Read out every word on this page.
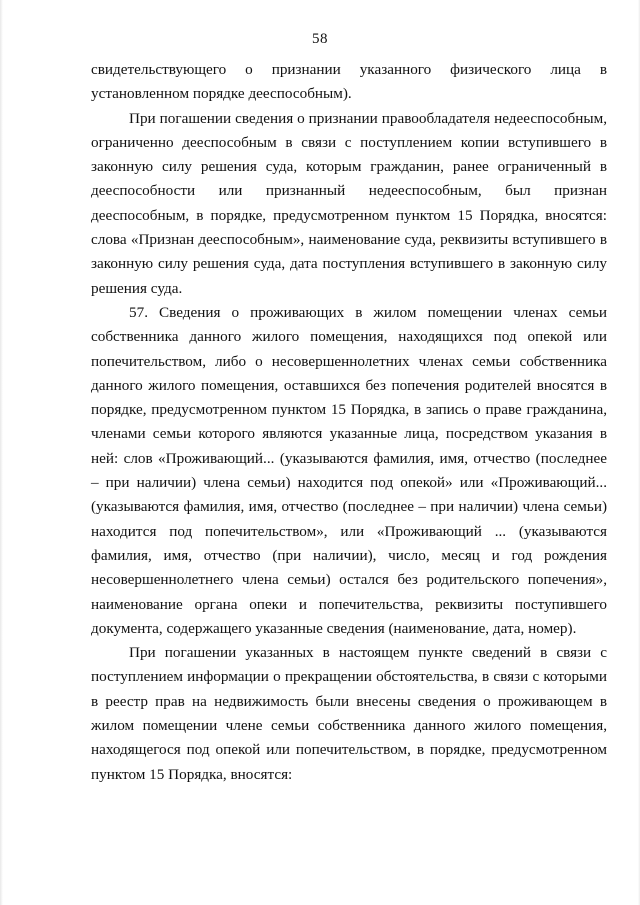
58

свидетельствующего о признании указанного физического лица в установленном порядке дееспособным).

При погашении сведения о признании правообладателя недееспособным, ограниченно дееспособным в связи с поступлением копии вступившего в законную силу решения суда, которым гражданин, ранее ограниченный в дееспособности или признанный недееспособным, был признан дееспособным, в порядке, предусмотренном пунктом 15 Порядка, вносятся: слова «Признан дееспособным», наименование суда, реквизиты вступившего в законную силу решения суда, дата поступления вступившего в законную силу решения суда.

57. Сведения о проживающих в жилом помещении членах семьи собственника данного жилого помещения, находящихся под опекой или попечительством, либо о несовершеннолетних членах семьи собственника данного жилого помещения, оставшихся без попечения родителей вносятся в порядке, предусмотренном пунктом 15 Порядка, в запись о праве гражданина, членами семьи которого являются указанные лица, посредством указания в ней: слов «Проживающий... (указываются фамилия, имя, отчество (последнее – при наличии) члена семьи) находится под опекой» или «Проживающий... (указываются фамилия, имя, отчество (последнее – при наличии) члена семьи) находится под попечительством», или «Проживающий ... (указываются фамилия, имя, отчество (при наличии), число, месяц и год рождения несовершеннолетнего члена семьи) остался без родительского попечения», наименование органа опеки и попечительства, реквизиты поступившего документа, содержащего указанные сведения (наименование, дата, номер).

При погашении указанных в настоящем пункте сведений в связи с поступлением информации о прекращении обстоятельства, в связи с которыми в реестр прав на недвижимость были внесены сведения о проживающем в жилом помещении члене семьи собственника данного жилого помещения, находящегося под опекой или попечительством, в порядке, предусмотренном пунктом 15 Порядка, вносятся:
